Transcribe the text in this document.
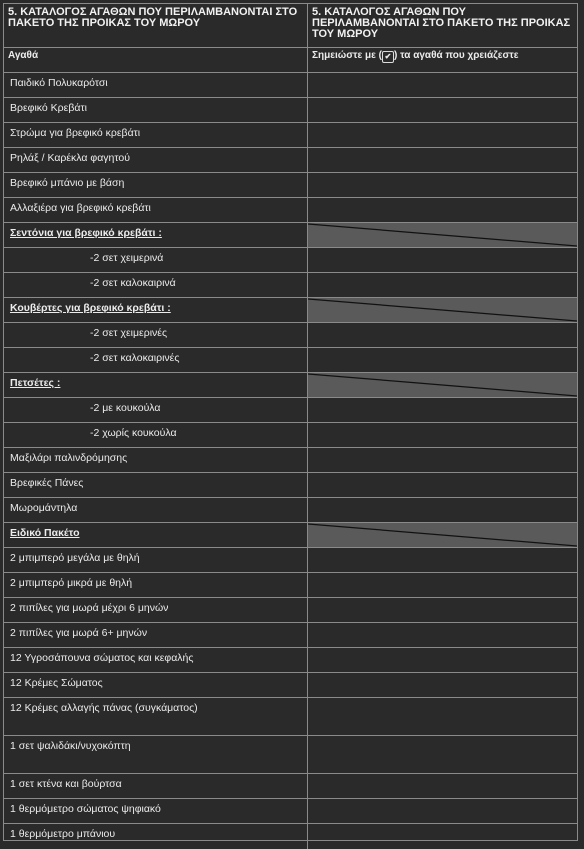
5. ΚΑΤΑΛΟΓΟΣ ΑΓΑΘΩΝ ΠΟΥ ΠΕΡΙΛΑΜΒΑΝΟΝΤΑΙ ΣΤΟ ΠΑΚΕΤΟ ΤΗΣ ΠΡΟΙΚΑΣ ΤΟΥ ΜΩΡΟΥ
5. ΚΑΤΑΛΟΓΟΣ ΑΓΑΘΩΝ ΠΟΥ ΠΕΡΙΛΑΜΒΑΝΟΝΤΑΙ ΣΤΟ ΠΑΚΕΤΟ ΤΗΣ ΠΡΟΙΚΑΣ ΤΟΥ ΜΩΡΟΥ
Αγαθά	Σημειώστε με ( ✔ ) τα αγαθά που χρειάζεστε
Παιδικό Πολυκαρότσι
Βρεφικό Κρεβάτι
Στρώμα για βρεφικό κρεβάτι
Ρηλάξ / Καρέκλα φαγητού
Βρεφικό μπάνιο με βάση
Αλλαξιέρα για βρεφικό κρεβάτι
Σεντόνια για βρεφικό κρεβάτι :
-2 σετ χειμερινά
-2 σετ καλοκαιρινά
Κουβέρτες για βρεφικό κρεβάτι :
-2 σετ χειμερινές
-2 σετ καλοκαιρινές
Πετσέτες :
-2 με κουκούλα
-2 χωρίς κουκούλα
Μαξιλάρι παλινδρόμησης
Βρεφικές Πάνες
Μωρομάντηλα
Ειδικό Πακέτο
2 μπιμπερό μεγάλα με θηλή
2 μπιμπερό μικρά με θηλή
2 πιπίλες για μωρά μέχρι 6 μηνών
2 πιπίλες για μωρά 6+ μηνών
12 Υγροσάπουνα σώματος και κεφαλής
12 Κρέμες Σώματος
12 Κρέμες αλλαγής πάνας (συγκάματος)
1 σετ ψαλιδάκι/νυχοκόπτη
1 σετ κτένα και βούρτσα
1 θερμόμετρο σώματος ψηφιακό
1 θερμόμετρο μπάνιου
